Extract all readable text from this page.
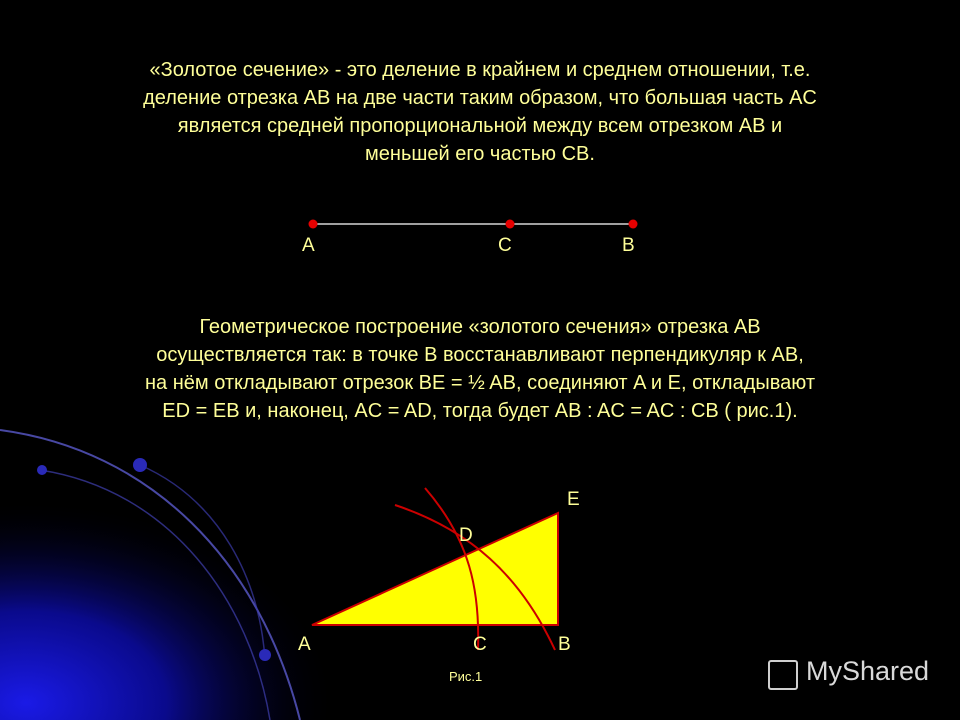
«Золотое сечение» - это деление в крайнем и среднем отношении, т.е.
деление отрезка AB на две части таким образом, что большая часть AC
является средней пропорциональной между всем отрезком AB и
меньшей его частью CB.
A	C	B
Геометрическое построение «золотого сечения» отрезка AB
осуществляется так: в точке B восстанавливают перпендикуляр к AB,
на нём откладывают отрезок BE = ½ AB, соединяют A и E, откладывают
ED = EB и, наконец, AC = AD, тогда будет AB : AC = AC : CB ( рис.1).
E
D
A	C	B
Рис.1	MyShared
